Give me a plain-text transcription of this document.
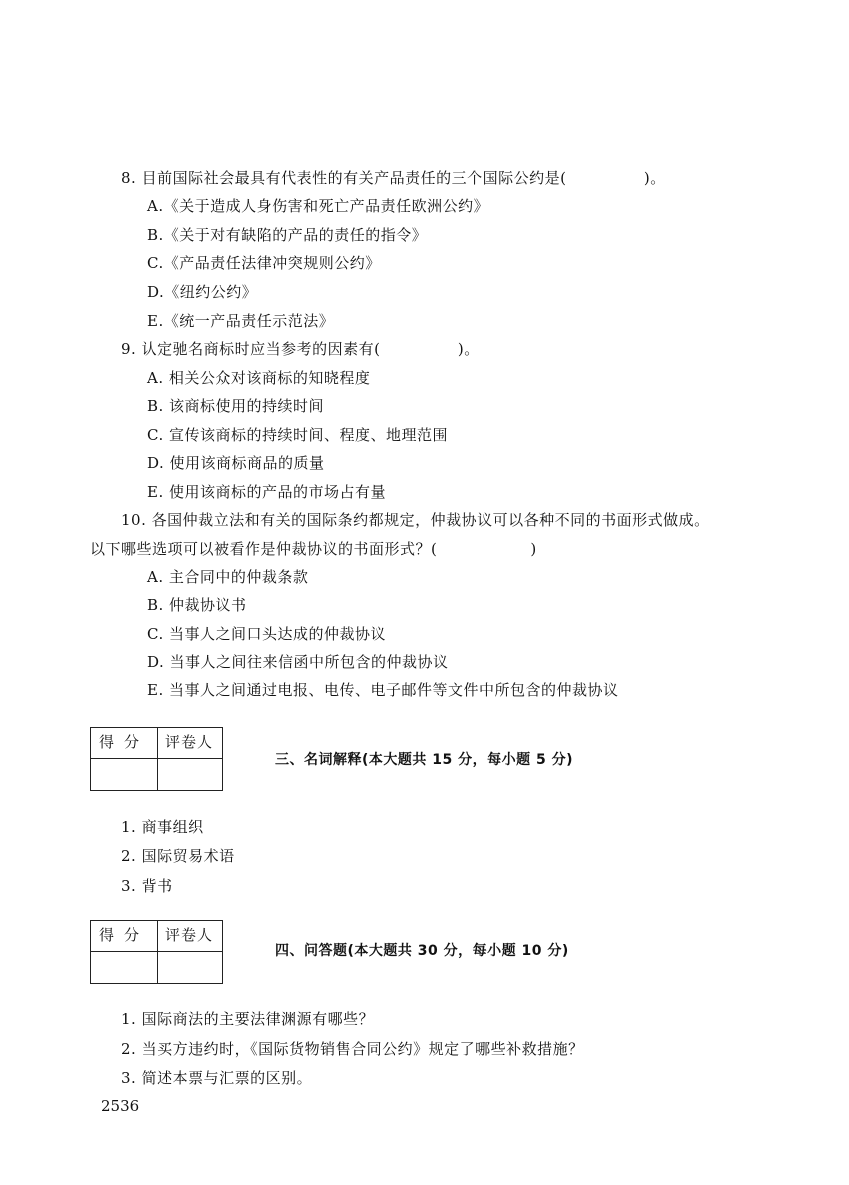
8. 目前国际社会最具有代表性的有关产品责任的三个国际公约是(　　　　　)。
A.《关于造成人身伤害和死亡产品责任欧洲公约》
B.《关于对有缺陷的产品的责任的指令》
C.《产品责任法律冲突规则公约》
D.《纽约公约》
E.《统一产品责任示范法》
9. 认定驰名商标时应当参考的因素有(　　　　　)。
A. 相关公众对该商标的知晓程度
B. 该商标使用的持续时间
C. 宣传该商标的持续时间、程度、地理范围
D. 使用该商标商品的质量
E. 使用该商标的产品的市场占有量
10. 各国仲裁立法和有关的国际条约都规定，仲裁协议可以各种不同的书面形式做成。
以下哪些选项可以被看作是仲裁协议的书面形式？(　　　　　　)
A. 主合同中的仲裁条款
B. 仲裁协议书
C. 当事人之间口头达成的仲裁协议
D. 当事人之间往来信函中所包含的仲裁协议
E. 当事人之间通过电报、电传、电子邮件等文件中所包含的仲裁协议
得分 评卷人
三、名词解释(本大题共 15 分，每小题 5 分)
1. 商事组织
2. 国际贸易术语
3. 背书
得分 评卷人
四、问答题(本大题共 30 分，每小题 10 分)
1. 国际商法的主要法律渊源有哪些？
2. 当买方违约时，《国际货物销售合同公约》规定了哪些补救措施？
3. 简述本票与汇票的区别。
2536
